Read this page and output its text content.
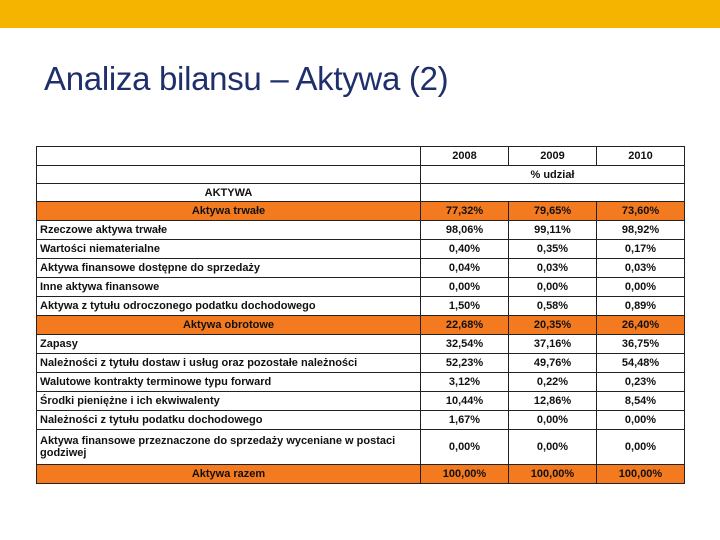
Analiza bilansu – Aktywa (2)
	2008	2009	2010
	% udział		
AKTYWA			
Aktywa trwałe	77,32%	79,65%	73,60%
Rzeczowe aktywa trwałe	98,06%	99,11%	98,92%
Wartości niematerialne	0,40%	0,35%	0,17%
Aktywa finansowe dostępne do sprzedaży	0,04%	0,03%	0,03%
Inne aktywa finansowe	0,00%	0,00%	0,00%
Aktywa z tytułu odroczonego podatku dochodowego	1,50%	0,58%	0,89%
Aktywa obrotowe	22,68%	20,35%	26,40%
Zapasy	32,54%	37,16%	36,75%
Należności z tytułu dostaw i usług oraz pozostałe należności	52,23%	49,76%	54,48%
Walutowe kontrakty terminowe typu forward	3,12%	0,22%	0,23%
Środki pieniężne i ich ekwiwalenty	10,44%	12,86%	8,54%
Należności z tytułu podatku dochodowego	1,67%	0,00%	0,00%
Aktywa finansowe przeznaczone do sprzedaży wyceniane w postaci godziwej	0,00%	0,00%	0,00%
Aktywa razem	100,00%	100,00%	100,00%
